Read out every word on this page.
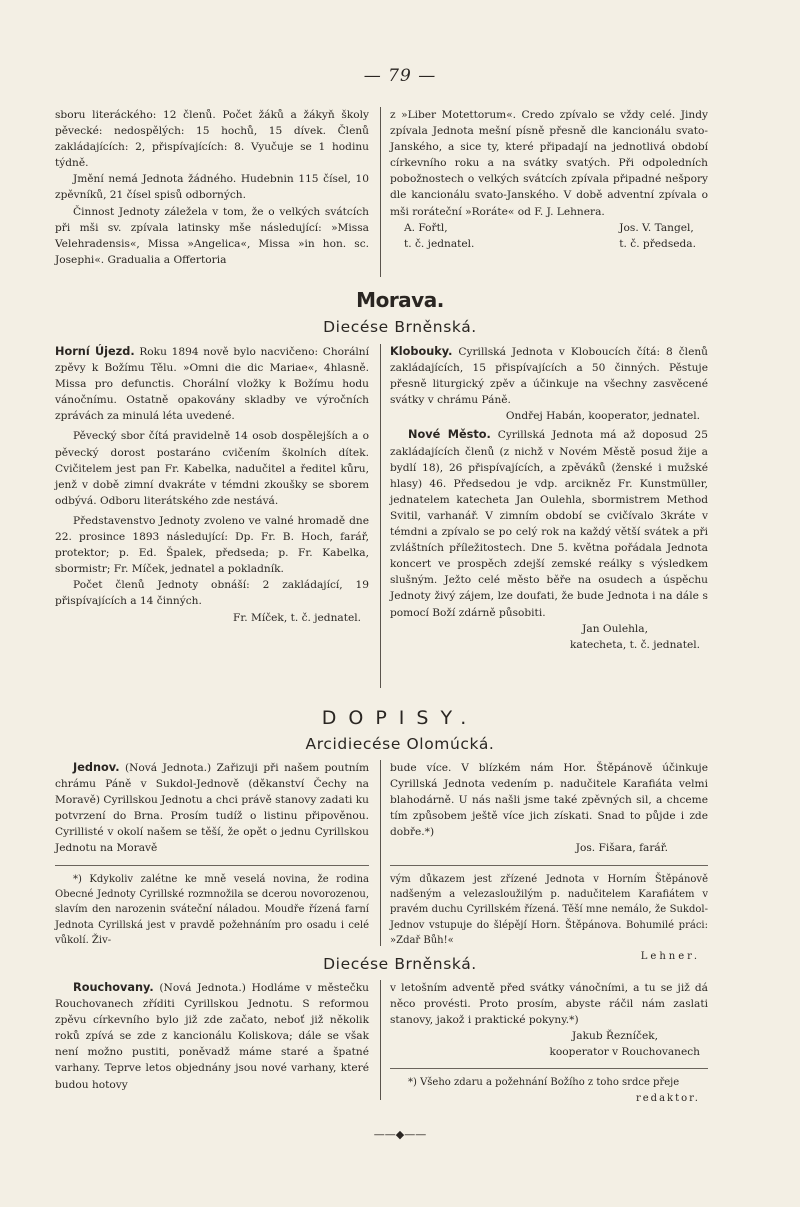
— 79 —

sboru literáckého: 12 členů. Počet žáků a žákyň školy pěvecké: nedospělých: 15 hochů, 15 dívek. Členů zakládajících: 2, přispívajících: 8. Vyučuje se 1 hodinu týdně.

Jmění nemá Jednota žádného. Hudebnin 115 čísel, 10 zpěvníků, 21 čísel spisů odborných.

Činnost Jednoty záležela v tom, že o velkých svátcích při mši sv. zpívala latinsky mše následující: »Missa Velehradensis«, Missa »Angelica«, Missa »in hon. sc. Josephi«. Gradualia a Offertoria

z »Liber Motettorum«. Credo zpívalo se vždy celé. Jindy zpívala Jednota mešní písně přesně dle kancionálu svato-Janského, a sice ty, které připadají na jednotlivá období církevního roku a na svátky svatých. Při odpoledních pobožnostech o velkých svátcích zpívala připadné nešpory dle kancionálu svato-Janského. V době adventní zpívala o mši roráteční »Roráte« od F. J. Lehnera.

A. Fořtl,
t. č. jednatel.
Jos. V. Tangel,
t. č. předseda.
Morava.
Diecése Brněnská.

Horní Újezd. Roku 1894 nově bylo nacvičeno: Chorální zpěvy k Božímu Tělu. »Omni die dic Mariae«, 4hlasně. Missa pro defunctis. Chorální vložky k Božímu hodu vánočnímu. Ostatně opakovány skladby ve výročních zprávách za minulá léta uvedené.

Pěvecký sbor čítá pravidelně 14 osob dospělejších a o pěvecký dorost postaráno cvičením školních dítek. Cvičitelem jest pan Fr. Kabelka, nadučitel a ředitel kůru, jenž v době zimní dvakráte v témdni zkoušky se sborem odbývá. Odboru literátského zde nestává.

Představenstvo Jednoty zvoleno ve valné hromadě dne 22. prosince 1893 následující: Dp. Fr. B. Hoch, farář, protektor; p. Ed. Špalek, předseda; p. Fr. Kabelka, sbormistr; Fr. Míček, jednatel a pokladník.

Počet členů Jednoty obnáší: 2 zakládající, 19 přispívajících a 14 činných.

Fr. Míček, t. č. jednatel.

Klobouky. Cyrillská Jednota v Kloboucích čítá: 8 členů zakládajících, 15 přispívajících a 50 činných. Pěstuje přesně liturgický zpěv a účinkuje na všechny zasvěcené svátky v chrámu Páně.

Ondřej Habán, kooperator, jednatel.

Nové Město. Cyrillská Jednota má až doposud 25 zakládajících členů (z nichž v Novém Městě posud žije a bydlí 18), 26 přispívajících, a zpěváků (ženské i mužské hlasy) 46. Předsedou je vdp. arcikněz Fr. Kunstmüller, jednatelem katecheta Jan Oulehla, sbormistrem Method Svitil, varhanář. V zimním období se cvičívalo 3kráte v témdni a zpívalo se po celý rok na každý větší svátek a při zvláštních příležitostech. Dne 5. května pořádala Jednota koncert ve prospěch zdejší zemské reálky s výsledkem slušným. Ježto celé město běře na osudech a úspěchu Jednoty živý zájem, lze doufati, že bude Jednota i na dále s pomocí Boží zdárně působiti.

Jan Oulehla,

katecheta, t. č. jednatel.

DOPISY.
Arcidiecése Olomúcká.

Jednov. (Nová Jednota.) Zařizuji při našem poutním chrámu Páně v Sukdol-Jednově (děkanství Čechy na Moravě) Cyrillskou Jednotu a chci právě stanovy zadati ku potvrzení do Brna. Prosím tudíž o listinu připověnou. Cyrillisté v okolí našem se těší, že opět o jednu Cyrillskou Jednotu na Moravě

*) Kdykoliv zalétne ke mně veselá novina, že rodina Obecné Jednoty Cyrillské rozmnožila se dcerou novorozenou, slavím den narozenin sváteční náladou. Moudře řízená farní Jednota Cyrillská jest v pravdě požehnáním pro osadu i celé vůkolí. Živ-

bude více. V blízkém nám Hor. Štěpánově účinkuje Cyrillská Jednota vedením p. nadučitele Karafiáta velmi blahodárně. U nás našli jsme také zpěvných sil, a chceme tím způsobem ještě více jich získati. Snad to půjde i zde dobře.*)

Jos. Fišara, farář.

vým důkazem jest zřízené Jednota v Horním Štěpánově nadšeným a velezasloužilým p. nadučitelem Karafiátem v pravém duchu Cyrillském řízená. Těší mne nemálo, že Sukdol-Jednov vstupuje do šlépějí Horn. Štěpánova. Bohumilé práci: »Zdař Bůh!«

Lehner.

Diecése Brněnská.

Rouchovany. (Nová Jednota.) Hodláme v městečku Rouchovanech zříditi Cyrillskou Jednotu. S reformou zpěvu církevního bylo již zde začato, neboť již několik roků zpívá se zde z kancionálu Koliskova; dále se však není možno pustiti, poněvadž máme staré a špatné varhany. Teprve letos objednány jsou nové varhany, které budou hotovy

v letošním adventě před svátky vánočními, a tu se již dá něco provésti. Proto prosím, abyste ráčil nám zaslati stanovy, jakož i praktické pokyny.*)

Jakub Řezníček,

kooperator v Rouchovanech

*) Všeho zdaru a požehnání Božího z toho srdce přeje

redaktor.

——◆——
